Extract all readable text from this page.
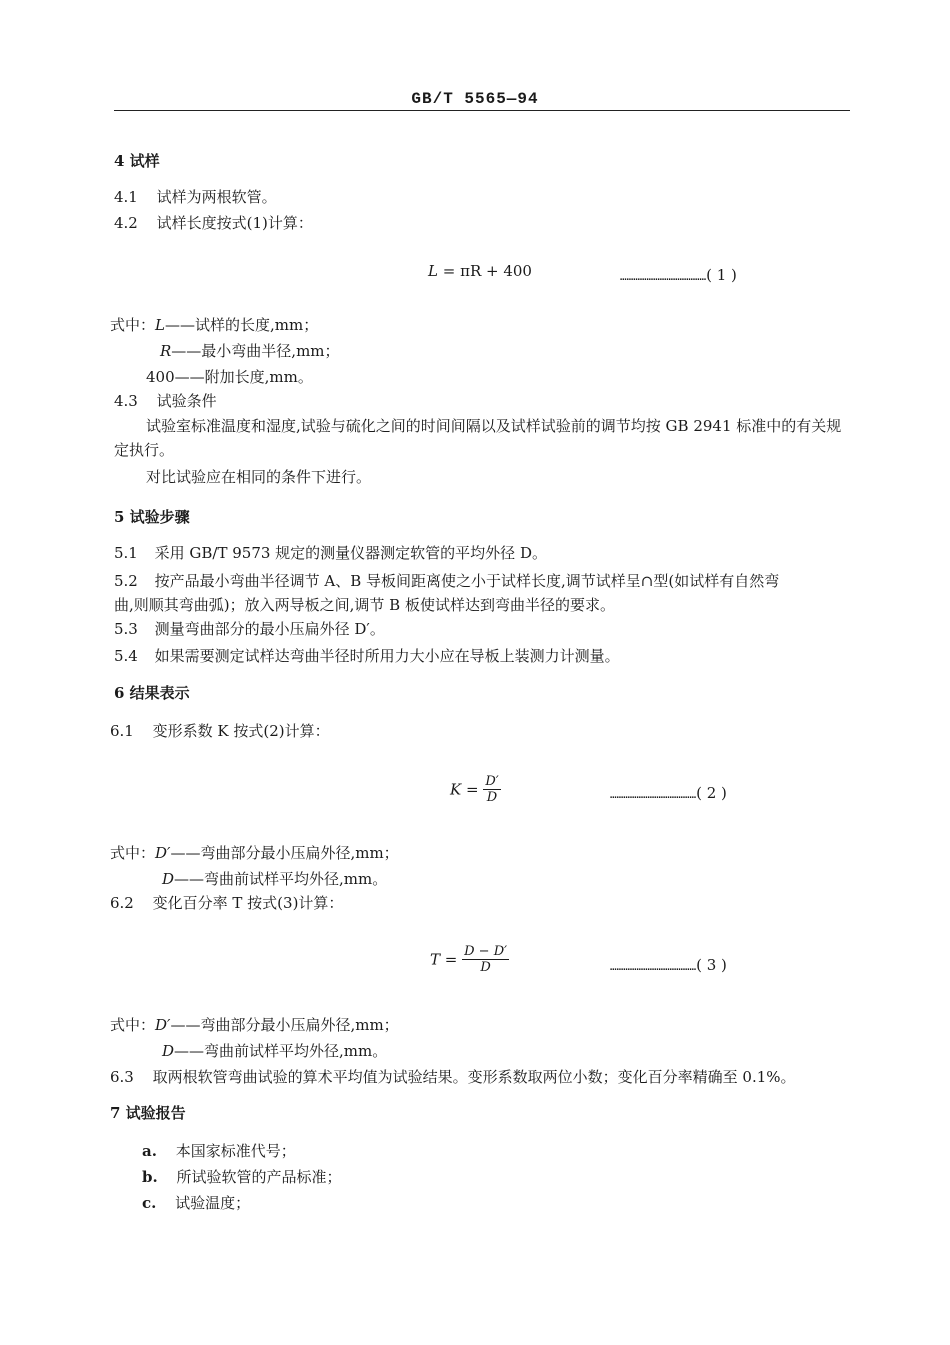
GB/T 5565—94
4 试样
4.1 试样为两根软管。
4.2 试样长度按式(1)计算：
L = πR + 400	…………………………………( 1 )
式中：L——试样的长度,mm；
R——最小弯曲半径,mm；
400——附加长度,mm。
4.3 试验条件
试验室标准温度和湿度,试验与硫化之间的时间间隔以及试样试验前的调节均按 GB 2941 标准中的有关规定执行。
对比试验应在相同的条件下进行。
5 试验步骤
5.1 采用 GB/T 9573 规定的测量仪器测定软管的平均外径 D。
5.2 按产品最小弯曲半径调节 A、B 导板间距离使之小于试样长度,调节试样呈∩型(如试样有自然弯
曲,则顺其弯曲弧)；放入两导板之间,调节 B 板使试样达到弯曲半径的要求。
5.3 测量弯曲部分的最小压扁外径 D′。
5.4 如果需要测定试样达弯曲半径时所用力大小应在导板上装测力计测量。
6 结果表示
6.1 变形系数 K 按式(2)计算：
$K = \frac{D'}{D}$	…………………………………( 2 )
式中：D′——弯曲部分最小压扁外径,mm；
D——弯曲前试样平均外径,mm。
6.2 变化百分率 T 按式(3)计算：
$T = \frac{D - D'}{D}$	…………………………………( 3 )
式中：D′——弯曲部分最小压扁外径,mm；
D——弯曲前试样平均外径,mm。
6.3 取两根软管弯曲试验的算术平均值为试验结果。变形系数取两位小数；变化百分率精确至 0.1%。
7 试验报告
a. 本国家标准代号；
b. 所试验软管的产品标准；
c. 试验温度；
